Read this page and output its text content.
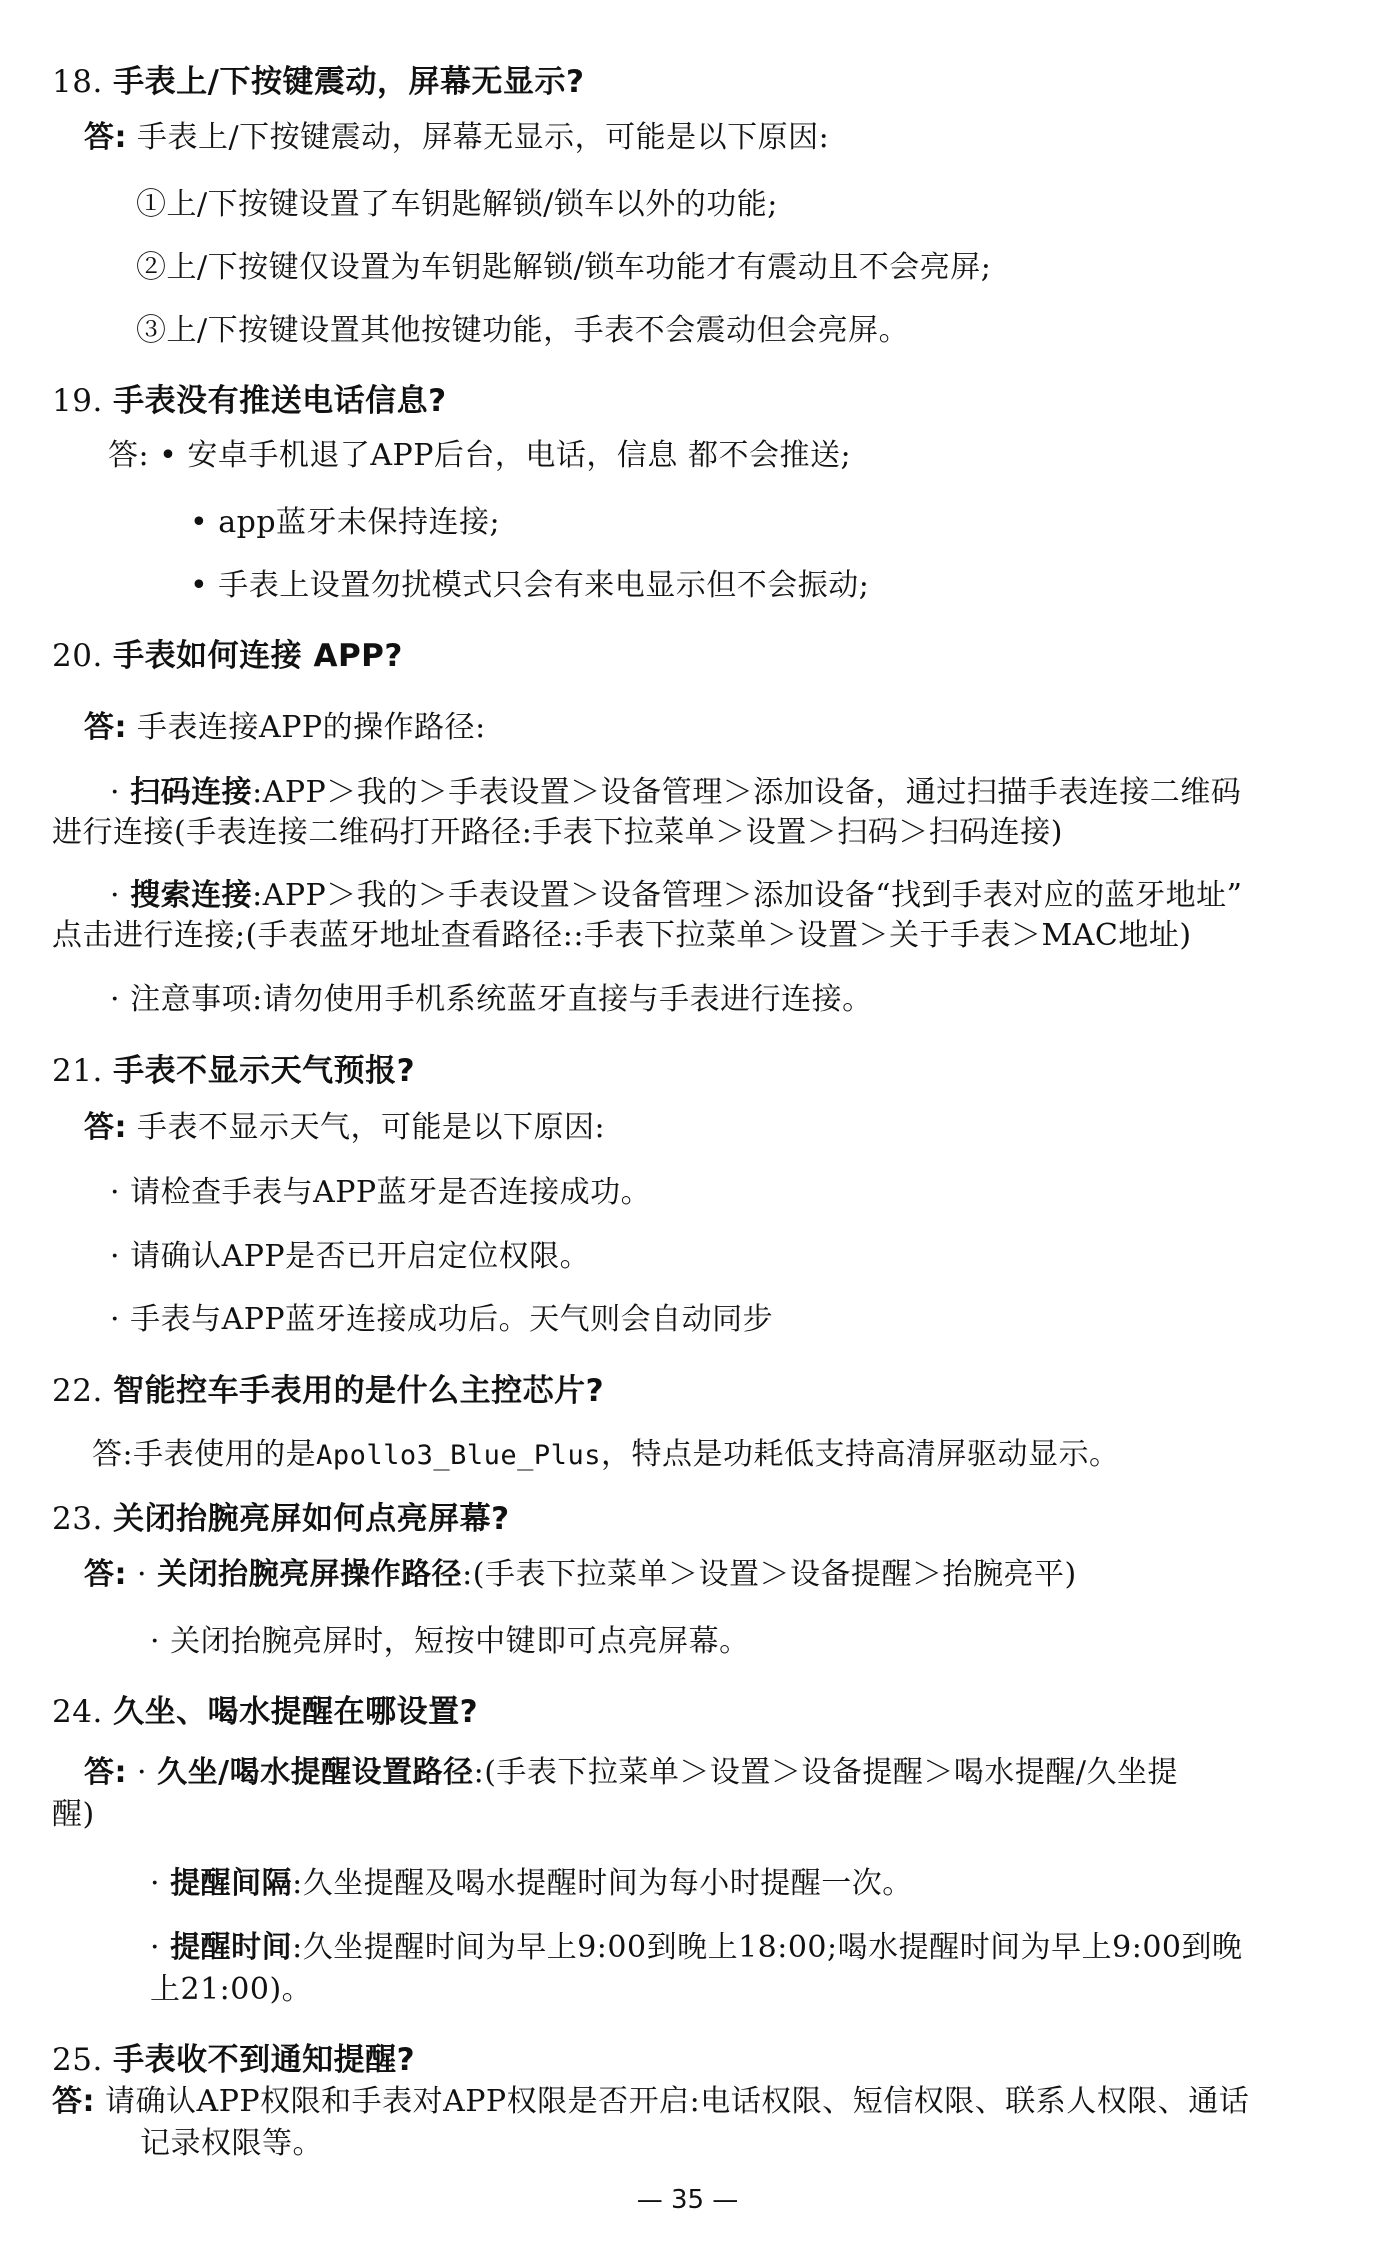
18. 手表上/下按键震动，屏幕无显示?
答: 手表上/下按键震动，屏幕无显示，可能是以下原因:
①上/下按键设置了车钥匙解锁/锁车以外的功能;
②上/下按键仅设置为车钥匙解锁/锁车功能才有震动且不会亮屏;
③上/下按键设置其他按键功能，手表不会震动但会亮屏。
19. 手表没有推送电话信息?
答: • 安卓手机退了APP后台，电话，信息 都不会推送;
• app蓝牙未保持连接;
• 手表上设置勿扰模式只会有来电显示但不会振动;
20. 手表如何连接 APP?
答: 手表连接APP的操作路径:
· 扫码连接:APP＞我的＞手表设置＞设备管理＞添加设备，通过扫描手表连接二维码
进行连接(手表连接二维码打开路径:手表下拉菜单＞设置＞扫码＞扫码连接)
· 搜索连接:APP＞我的＞手表设置＞设备管理＞添加设备“找到手表对应的蓝牙地址”
点击进行连接;(手表蓝牙地址查看路径::手表下拉菜单＞设置＞关于手表＞MAC地址)
· 注意事项:请勿使用手机系统蓝牙直接与手表进行连接。
21. 手表不显示天气预报?
答: 手表不显示天气，可能是以下原因:
· 请检查手表与APP蓝牙是否连接成功。
· 请确认APP是否已开启定位权限。
· 手表与APP蓝牙连接成功后。天气则会自动同步
22. 智能控车手表用的是什么主控芯片?
答:手表使用的是Apollo3_Blue_Plus，特点是功耗低支持高清屏驱动显示。
23. 关闭抬腕亮屏如何点亮屏幕?
答: · 关闭抬腕亮屏操作路径:(手表下拉菜单＞设置＞设备提醒＞抬腕亮平)
· 关闭抬腕亮屏时，短按中键即可点亮屏幕。
24. 久坐、喝水提醒在哪设置?
答: · 久坐/喝水提醒设置路径:(手表下拉菜单＞设置＞设备提醒＞喝水提醒/久坐提
醒)
· 提醒间隔:久坐提醒及喝水提醒时间为每小时提醒一次。
· 提醒时间:久坐提醒时间为早上9:00到晚上18:00;喝水提醒时间为早上9:00到晚
上21:00)。
25. 手表收不到通知提醒?
答: 请确认APP权限和手表对APP权限是否开启:电话权限、短信权限、联系人权限、通话
记录权限等。
— 35 —
